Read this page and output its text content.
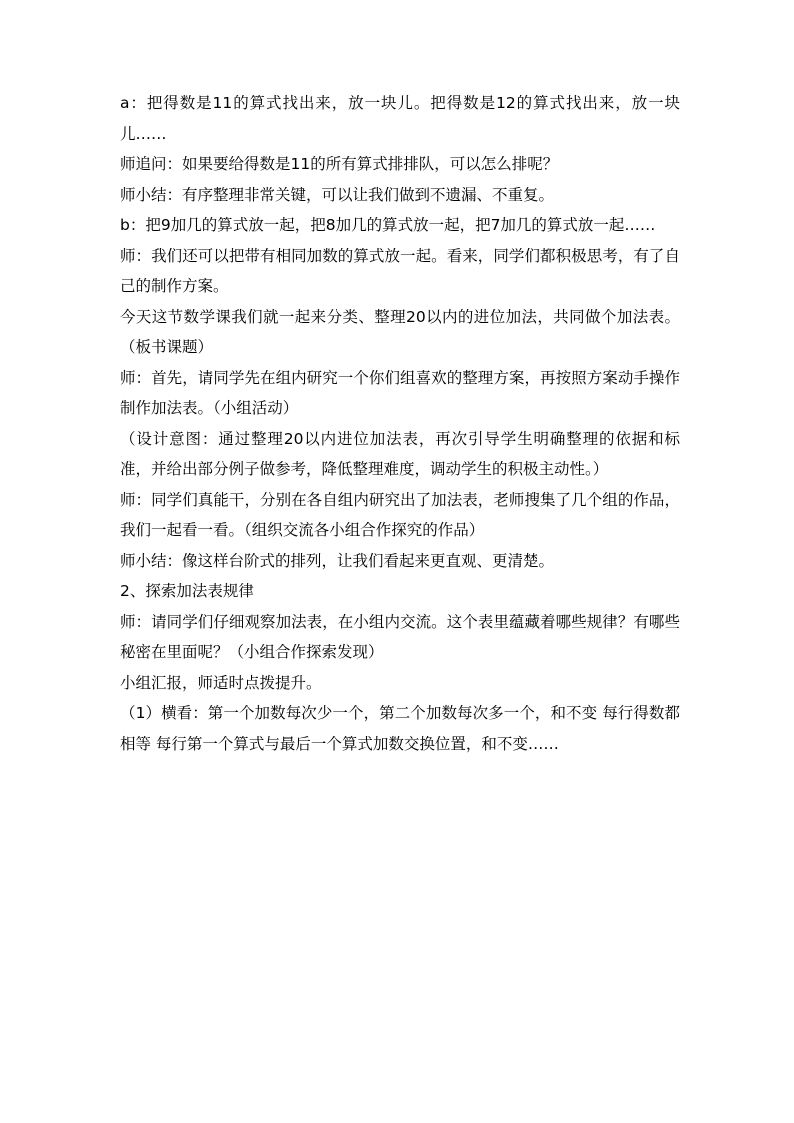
a：把得数是11的算式找出来，放一块儿。把得数是12的算式找出来，放一块儿……

师追问：如果要给得数是11的所有算式排排队，可以怎么排呢？

师小结：有序整理非常关键，可以让我们做到不遗漏、不重复。

b：把9加几的算式放一起，把8加几的算式放一起，把7加几的算式放一起……

师：我们还可以把带有相同加数的算式放一起。看来，同学们都积极思考，有了自己的制作方案。

今天这节数学课我们就一起来分类、整理20以内的进位加法，共同做个加法表。（板书课题）

师：首先，请同学先在组内研究一个你们组喜欢的整理方案，再按照方案动手操作制作加法表。（小组活动）

（设计意图：通过整理20以内进位加法表，再次引导学生明确整理的依据和标准，并给出部分例子做参考，降低整理难度，调动学生的积极主动性。）

师：同学们真能干，分别在各自组内研究出了加法表，老师搜集了几个组的作品，我们一起看一看。（组织交流各小组合作探究的作品）

师小结：像这样台阶式的排列，让我们看起来更直观、更清楚。

2、探索加法表规律

师：请同学们仔细观察加法表，在小组内交流。这个表里蕴藏着哪些规律？有哪些秘密在里面呢？（小组合作探索发现）

小组汇报，师适时点拨提升。

（1）横看：第一个加数每次少一个，第二个加数每次多一个，和不变 每行得数都相等 每行第一个算式与最后一个算式加数交换位置，和不变……
